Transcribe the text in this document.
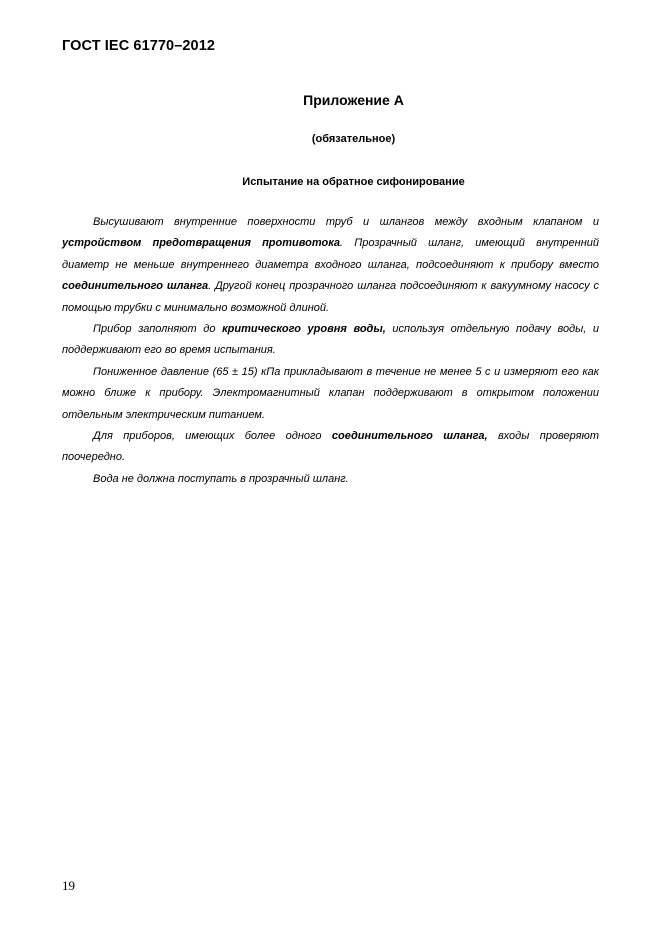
ГОСТ IEC 61770–2012
Приложение А
(обязательное)
Испытание на обратное сифонирование

Высушивают внутренние поверхности труб и шлангов между входным клапаном и устройством предотвращения противотока. Прозрачный шланг, имеющий внутренний диаметр не меньше внутреннего диаметра входного шланга, подсоединяют к прибору вместо соединительного шланга. Другой конец прозрачного шланга подсоединяют к вакуумному насосу с помощью трубки с минимально возможной длиной.

Прибор заполняют до критического уровня воды, используя отдельную подачу воды, и поддерживают его во время испытания.

Пониженное давление (65 ± 15) кПа прикладывают в течение не менее 5 с и измеряют его как можно ближе к прибору. Электромагнитный клапан поддерживают в открытом положении отдельным электрическим питанием.

Для приборов, имеющих более одного соединительного шланга, входы проверяют поочередно.

Вода не должна поступать в прозрачный шланг.

19
